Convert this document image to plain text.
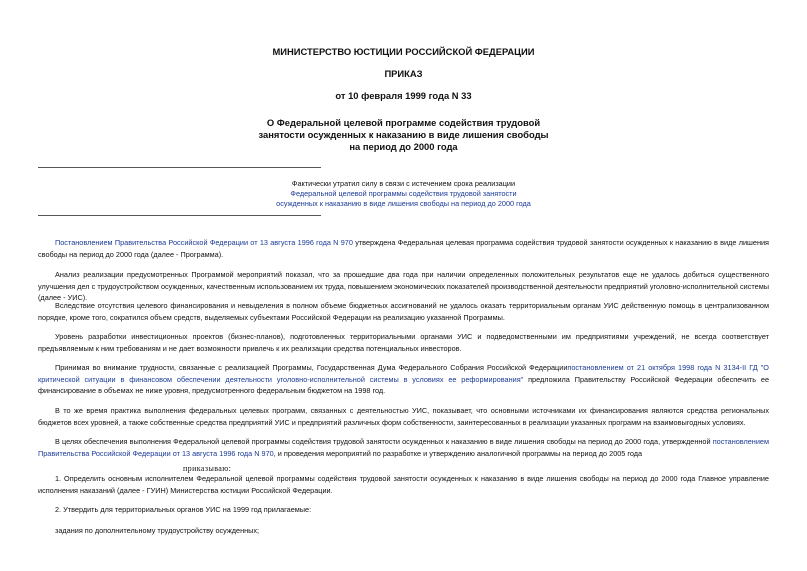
МИНИСТЕРСТВО ЮСТИЦИИ РОССИЙСКОЙ ФЕДЕРАЦИИ
ПРИКАЗ
от 10 февраля 1999 года N 33
О Федеральной целевой программе содействия трудовой
занятости осужденных к наказанию в виде лишения свободы
на период до 2000 года
Фактически утратил силу в связи с истечением срока реализации
Федеральной целевой программы содействия трудовой занятости
осужденных к наказанию в виде лишения свободы на период до 2000 года
Постановлением Правительства Российской Федерации от 13 августа 1996 года N 970 утверждена Федеральная целевая программа содействия трудовой занятости осужденных к наказанию в виде лишения свободы на период до 2000 года (далее - Программа).
Анализ реализации предусмотренных Программой мероприятий показал, что за прошедшие два года при наличии определенных положительных результатов еще не удалось добиться существенного улучшения дел с трудоустройством осужденных, качественным использованием их труда, повышением экономических показателей производственной деятельности предприятий уголовно-исполнительной системы (далее - УИС).
Вследствие отсутствия целевого финансирования и невыделения в полном объеме бюджетных ассигнований не удалось оказать территориальным органам УИС действенную помощь в централизованном порядке, кроме того, сократился объем средств, выделяемых субъектами Российской Федерации на реализацию указанной Программы.
Уровень разработки инвестиционных проектов (бизнес-планов), подготовленных территориальными органами УИС и подведомственными им предприятиями учреждений, не всегда соответствует предъявляемым к ним требованиям и не дает возможности привлечь к их реализации средства потенциальных инвесторов.
Принимая во внимание трудности, связанные с реализацией Программы, Государственная Дума Федерального Собрания Российской Федерациипостановлением от 21 октября 1998 года N 3134-II ГД "О критической ситуации в финансовом обеспечении деятельности уголовно-исполнительной системы в условиях ее реформирования" предложила Правительству Российской Федерации обеспечить ее финансирование в объемах не ниже уровня, предусмотренного федеральным бюджетом на 1998 год.
В то же время практика выполнения федеральных целевых программ, связанных с деятельностью УИС, показывает, что основными источниками их финансирования являются средства региональных бюджетов всех уровней, а также собственные средства предприятий УИС и предприятий различных форм собственности, заинтересованных в реализации указанных программ на взаимовыгодных условиях.
В целях обеспечения выполнения Федеральной целевой программы содействия трудовой занятости осужденных к наказанию в виде лишения свободы на период до 2000 года, утвержденной постановлением Правительства Российской Федерации от 13 августа 1996 года N 970, и проведения мероприятий по разработке и утверждению аналогичной программы на период до 2005 года
приказываю:
1. Определить основным исполнителем Федеральной целевой программы содействия трудовой занятости осужденных к наказанию в виде лишения свободы на период до 2000 года Главное управление исполнения наказаний (далее - ГУИН) Министерства юстиции Российской Федерации.
2. Утвердить для территориальных органов УИС на 1999 год прилагаемые:
задания по дополнительному трудоустройству осужденных;
